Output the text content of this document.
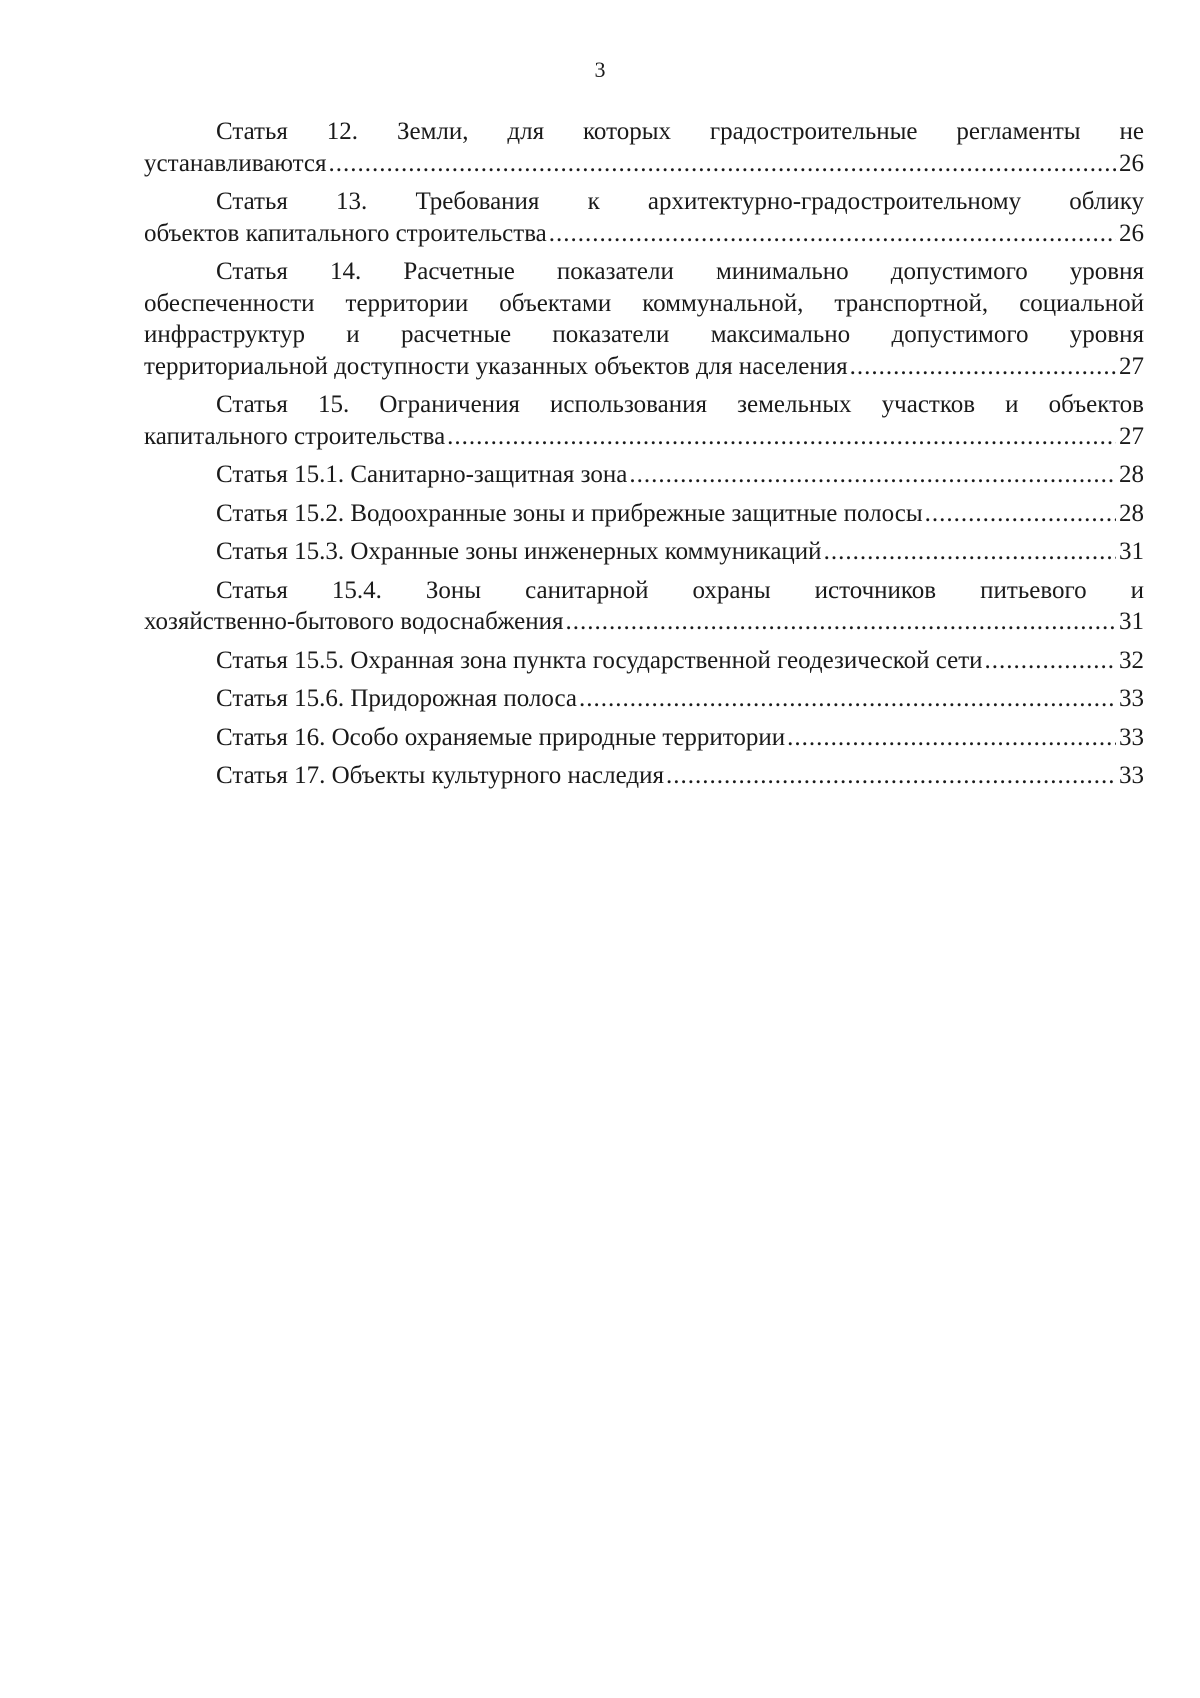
3
Статья 12. Земли, для которых градостроительные регламенты не
устанавливаются .....	26
Статья 13. Требования к архитектурно-градостроительному облику
объектов капитального строительства .....	26
Статья 14. Расчетные показатели минимально допустимого уровня
обеспеченности территории объектами коммунальной, транспортной, социальной
инфраструктур и расчетные показатели максимально допустимого уровня
территориальной доступности указанных объектов для населения .....	27
Статья 15. Ограничения использования земельных участков и объектов
капитального строительства .....	27
Статья 15.1. Санитарно-защитная зона .....	28
Статья 15.2. Водоохранные зоны и прибрежные защитные полосы .....	28
Статья 15.3. Охранные зоны инженерных коммуникаций .....	31
Статья 15.4. Зоны санитарной охраны источников питьевого и
хозяйственно-бытового водоснабжения .....	31
Статья 15.5. Охранная зона пункта государственной геодезической сети .....	32
Статья 15.6. Придорожная полоса .....	33
Статья 16. Особо охраняемые природные территории .....	33
Статья 17. Объекты культурного наследия .....	33
